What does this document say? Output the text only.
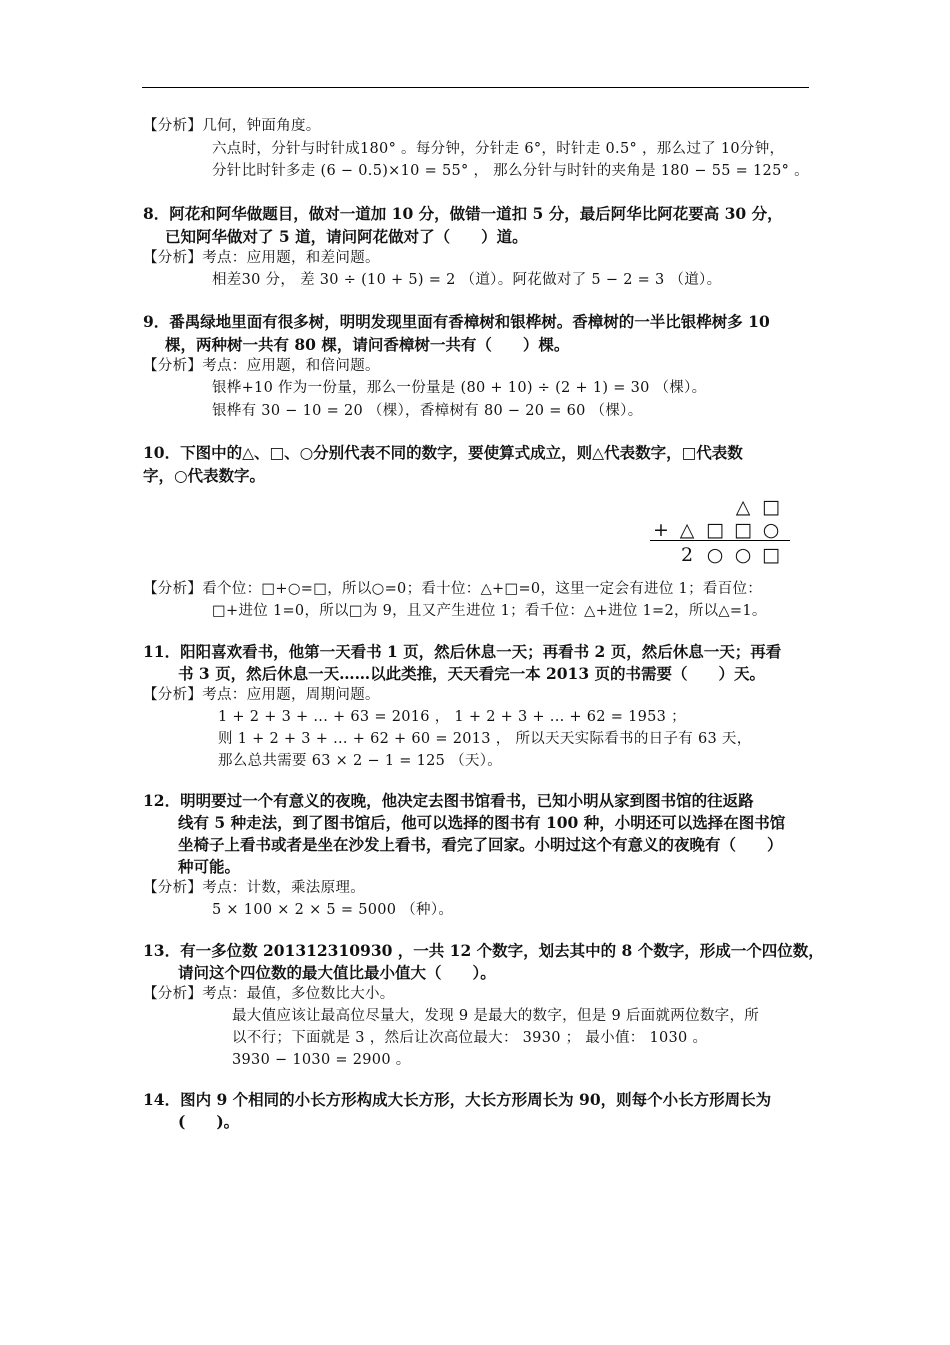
【分析】几何，钟面角度。
六点时，分针与时针成180° 。每分钟，分针走 6°，时针走 0.5° ，那么过了 10分钟，
分针比时针多走 (6 − 0.5)×10 = 55° ， 那么分针与时针的夹角是 180 − 55 = 125° 。
8．阿花和阿华做题目，做对一道加 10 分，做错一道扣 5 分，最后阿华比阿花要高 30 分，
已知阿华做对了 5 道，请问阿花做对了（　　）道。
【分析】考点：应用题，和差问题。
相差30 分， 差 30 ÷ (10 + 5) = 2 （道）。阿花做对了 5 − 2 = 3 （道）。
9．番禺绿地里面有很多树，明明发现里面有香樟树和银桦树。香樟树的一半比银桦树多 10
棵，两种树一共有 80 棵，请问香樟树一共有（　　）棵。
【分析】考点：应用题，和倍问题。
银桦+10 作为一份量，那么一份量是 (80 + 10) ÷ (2 + 1) = 30 （棵）。
银桦有 30 − 10 = 20 （棵），香樟树有 80 − 20 = 60 （棵）。
10．下图中的△、□、○分别代表不同的数字，要使算式成立，则△代表数字，□代表数
字，○代表数字。
△ □
+ △ □ □ ○
2 ○ ○ □
【分析】看个位：□+○=□，所以○=0；看十位：△+□=0，这里一定会有进位 1；看百位：
□+进位 1=0，所以□为 9，且又产生进位 1；看千位：△+进位 1=2，所以△=1。
11．阳阳喜欢看书，他第一天看书 1 页，然后休息一天；再看书 2 页，然后休息一天；再看
书 3 页，然后休息一天……以此类推，天天看完一本 2013 页的书需要（　　）天。
【分析】考点：应用题，周期问题。
1 + 2 + 3 + ... + 63 = 2016 ， 1 + 2 + 3 + ... + 62 = 1953 ；
则 1 + 2 + 3 + ... + 62 + 60 = 2013 ， 所以天天实际看书的日子有 63 天，
那么总共需要 63 × 2 − 1 = 125 （天）。
12．明明要过一个有意义的夜晚，他决定去图书馆看书，已知小明从家到图书馆的往返路
线有 5 种走法，到了图书馆后，他可以选择的图书有 100 种，小明还可以选择在图书馆
坐椅子上看书或者是坐在沙发上看书，看完了回家。小明过这个有意义的夜晚有（　　）
种可能。
【分析】考点：计数，乘法原理。
5 × 100 × 2 × 5 = 5000 （种）。
13．有一多位数 201312310930 ，一共 12 个数字，划去其中的 8 个数字，形成一个四位数，
请问这个四位数的最大值比最小值大（　　）。
【分析】考点：最值，多位数比大小。
最大值应该让最高位尽量大，发现 9 是最大的数字，但是 9 后面就两位数字，所
以不行；下面就是 3 ，然后让次高位最大： 3930 ； 最小值： 1030 。
3930 − 1030 = 2900 。
14．图内 9 个相同的小长方形构成大长方形，大长方形周长为 90，则每个小长方形周长为
(　　)。
